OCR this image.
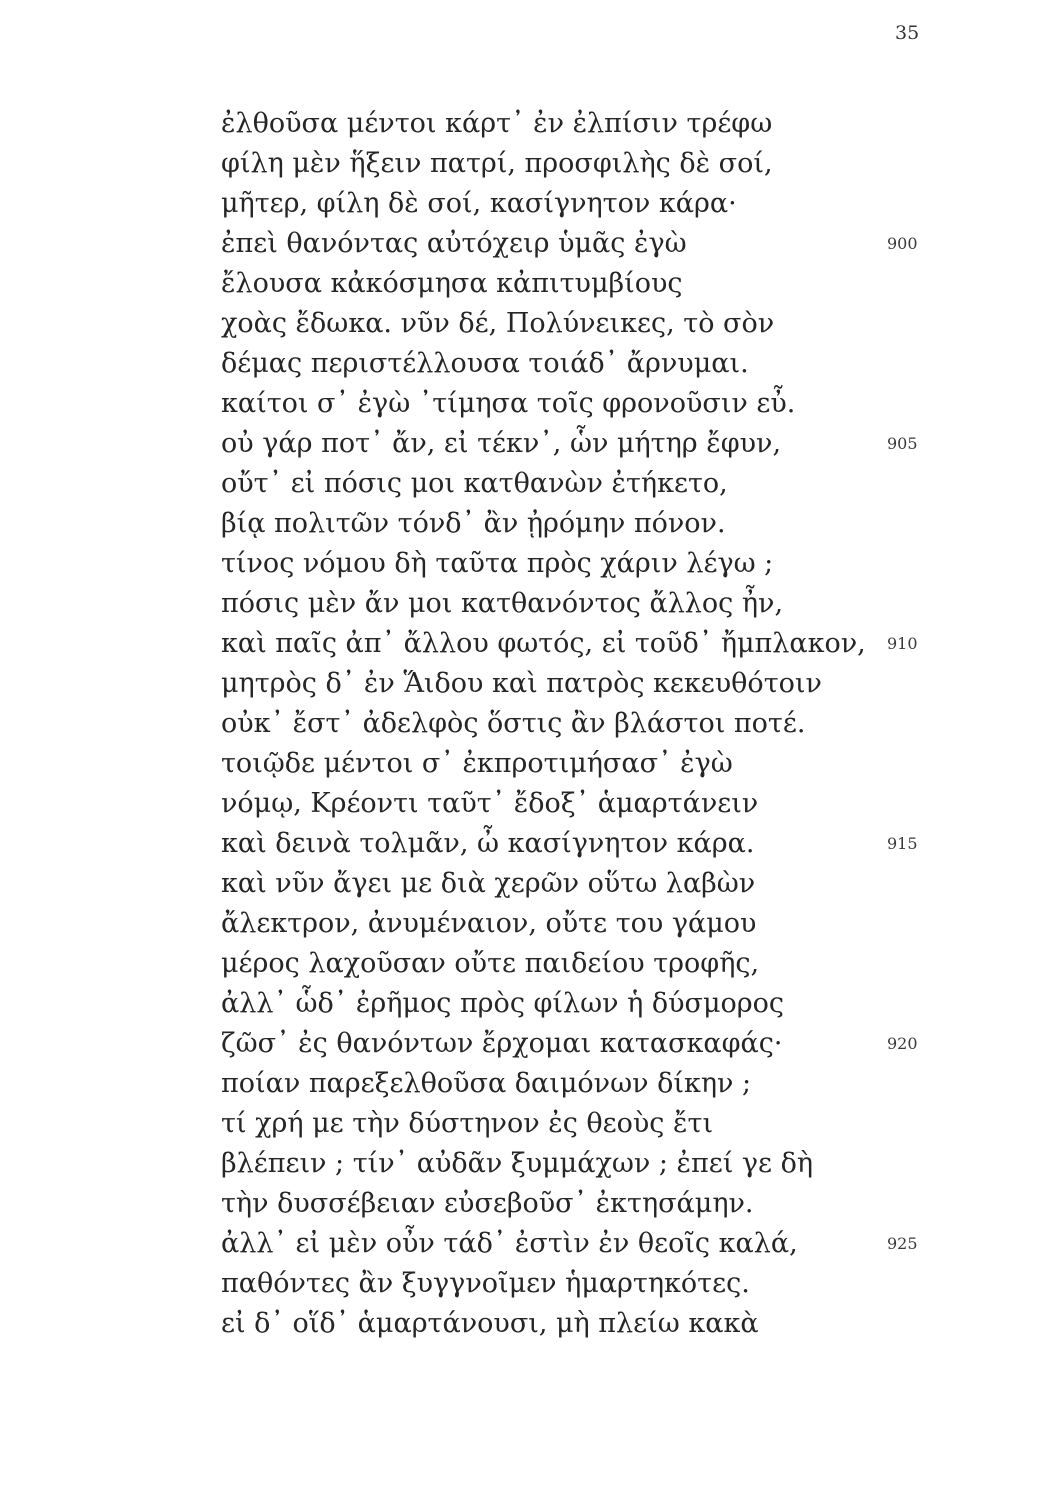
35
ἐλθοῦσα μέντοι κάρτ᾽ ἐν ἐλπίσιν τρέφω
φίλη μὲν ἥξειν πατρί, προσφιλὴς δὲ σοί,
μῆτερ, φίλη δὲ σοί, κασίγνητον κάρα·
ἐπεὶ θανόντας αὐτόχειρ ὑμᾶς ἐγὼ	900
ἔλουσα κἀκόσμησα κἀπιτυμβίους
χοὰς ἔδωκα. νῦν δέ, Πολύνεικες, τὸ σὸν
δέμας περιστέλλουσα τοιάδ᾽ ἄρνυμαι.
καίτοι σ᾽ ἐγὼ ᾽τίμησα τοῖς φρονοῦσιν εὖ.
οὐ γάρ ποτ᾽ ἄν, εἰ τέκν᾽, ὧν μήτηρ ἔφυν,	905
οὔτ᾽ εἰ πόσις μοι κατθανὼν ἐτήκετο,
βίᾳ πολιτῶν τόνδ᾽ ἂν ᾐρόμην πόνον.
τίνος νόμου δὴ ταῦτα πρὸς χάριν λέγω ;
πόσις μὲν ἄν μοι κατθανόντος ἄλλος ἦν,
καὶ παῖς ἀπ᾽ ἄλλου φωτός, εἰ τοῦδ᾽ ἤμπλακον, 910
μητρὸς δ᾽ ἐν Ἅιδου καὶ πατρὸς κεκευθότοιν
οὐκ᾽ ἔστ᾽ ἀδελφὸς ὅστις ἂν βλάστοι ποτέ.
τοιῷδε μέντοι σ᾽ ἐκπροτιμήσασ᾽ ἐγὼ
νόμῳ, Κρέοντι ταῦτ᾽ ἔδοξ᾽ ἁμαρτάνειν
καὶ δεινὰ τολμᾶν, ὦ κασίγνητον κάρα.	915
καὶ νῦν ἄγει με διὰ χερῶν οὕτω λαβὼν
ἄλεκτρον, ἀνυμέναιον, οὔτε του γάμου
μέρος λαχοῦσαν οὔτε παιδείου τροφῆς,
ἀλλ᾽ ὧδ᾽ ἐρῆμος πρὸς φίλων ἡ δύσμορος
ζῶσ᾽ ἐς θανόντων ἔρχομαι κατασκαφάς·	920
ποίαν παρεξελθοῦσα δαιμόνων δίκην ;
τί χρή με τὴν δύστηνον ἐς θεοὺς ἔτι
βλέπειν ; τίν᾽ αὐδᾶν ξυμμάχων ; ἐπεί γε δὴ
τὴν δυσσέβειαν εὐσεβοῦσ᾽ ἐκτησάμην.
ἀλλ᾽ εἰ μὲν οὖν τάδ᾽ ἐστὶν ἐν θεοῖς καλά,	925
παθόντες ἂν ξυγγνοῖμεν ἡμαρτηκότες.
εἰ δ᾽ οἵδ᾽ ἁμαρτάνουσι, μὴ πλείω κακὰ
